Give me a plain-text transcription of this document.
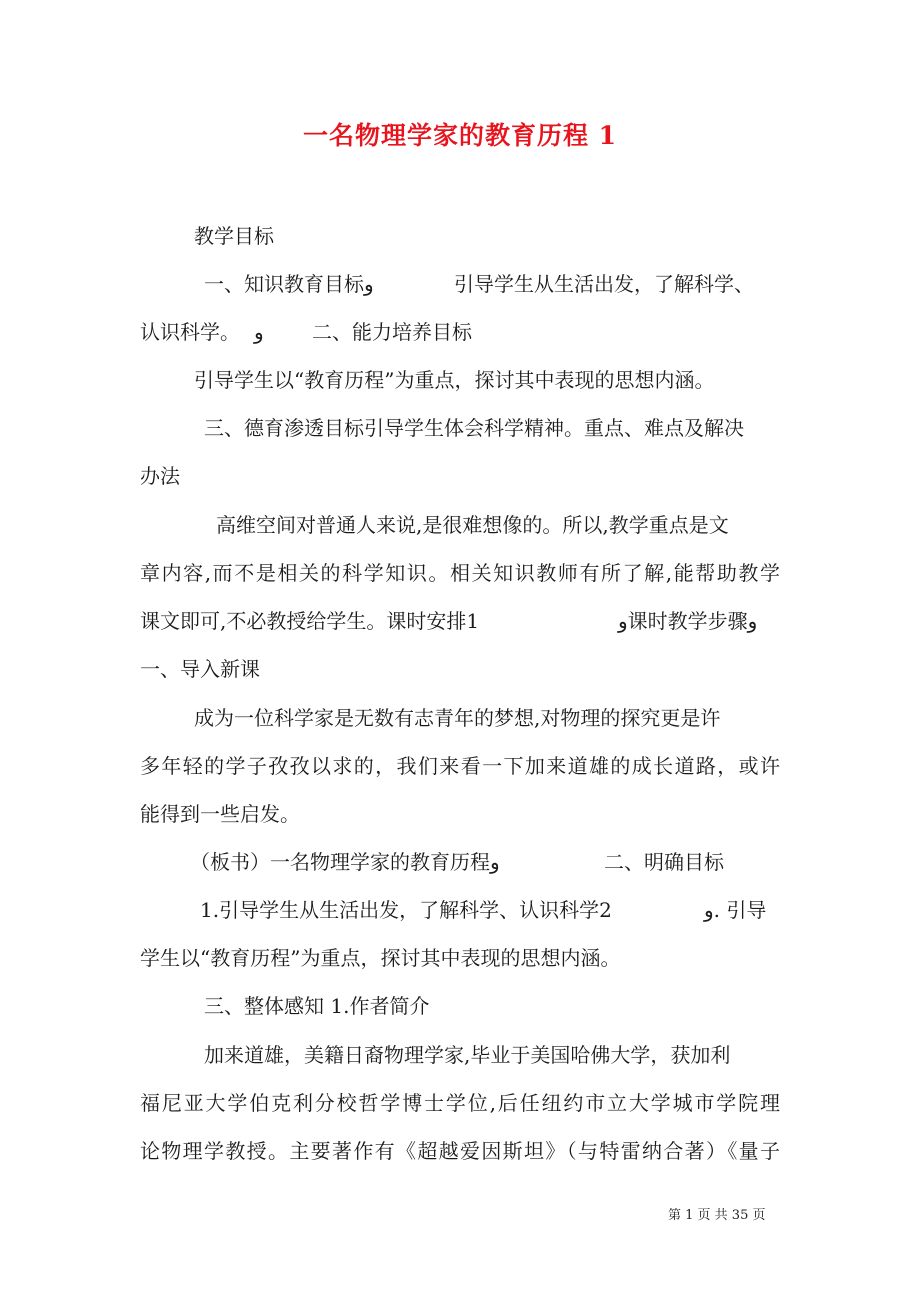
一名物理学家的教育历程 1
教学目标
一、知识教育目标و	引导学生从生活出发，了解科学、
认识科学。 و 二、能力培养目标
引导学生以“教育历程”为重点，探讨其中表现的思想内涵。
三、德育渗透目标引导学生体会科学精神。重点、难点及解决
办法
高维空间对普通人来说,是很难想像的。所以,教学重点是文
章内容,而不是相关的科学知识。相关知识教师有所了解,能帮助教学
课文即可,不必教授给学生。课时安排1	و课时教学步骤و
一、导入新课
成为一位科学家是无数有志青年的梦想,对物理的探究更是许
多年轻的学子孜孜以求的，我们来看一下加来道雄的成长道路，或许
能得到一些启发。
（板书）一名物理学家的教育历程و	二、明确目标
1.引导学生从生活出发，了解科学、认识科学2	و. 引导
学生以“教育历程”为重点，探讨其中表现的思想内涵。
三、整体感知 1.作者简介
加来道雄，美籍日裔物理学家,毕业于美国哈佛大学，获加利
福尼亚大学伯克利分校哲学博士学位,后任纽约市立大学城市学院理
论物理学教授。主要著作有《超越爱因斯坦》（与特雷纳合著）《量子
第 1 页 共 35 页
